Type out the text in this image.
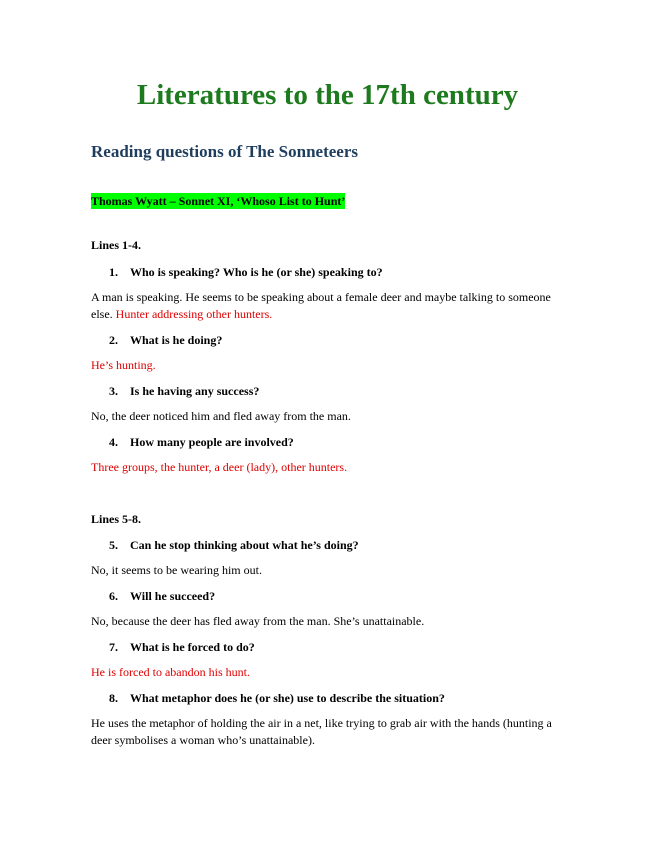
Literatures to the 17th century
Reading questions of The Sonneteers

Thomas Wyatt – Sonnet XI, ‘Whoso List to Hunt’

Lines 1-4.

1. Who is speaking? Who is he (or she) speaking to?

A man is speaking. He seems to be speaking about a female deer and maybe talking to someone else. Hunter addressing other hunters.

2. What is he doing?

He’s hunting.

3. Is he having any success?

No, the deer noticed him and fled away from the man.

4. How many people are involved?

Three groups, the hunter, a deer (lady), other hunters.

Lines 5-8.

5. Can he stop thinking about what he’s doing?

No, it seems to be wearing him out.

6. Will he succeed?

No, because the deer has fled away from the man. She’s unattainable.

7. What is he forced to do?

He is forced to abandon his hunt.

8. What metaphor does he (or she) use to describe the situation?

He uses the metaphor of holding the air in a net, like trying to grab air with the hands (hunting a deer symbolises a woman who’s unattainable).
